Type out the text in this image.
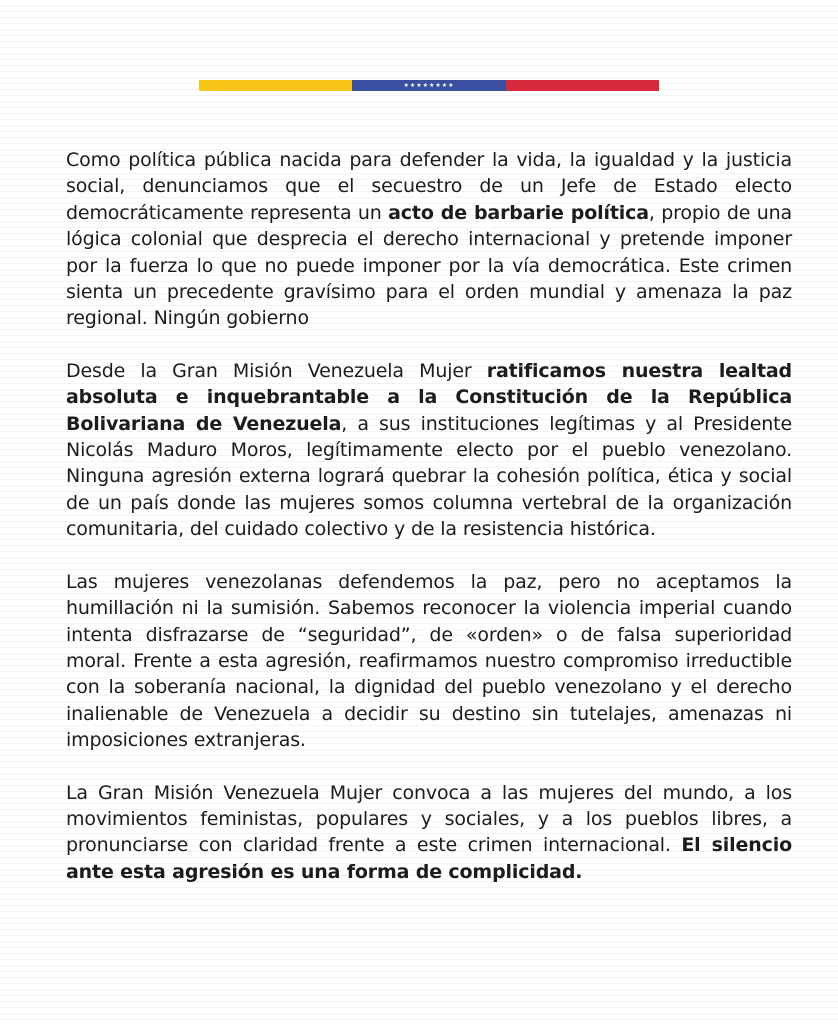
★★★★★★★★

Como política pública nacida para defender la vida, la igualdad y la justicia social, denunciamos que el secuestro de un Jefe de Estado electo democráticamente representa un acto de barbarie política, propio de una lógica colonial que desprecia el derecho internacional y pretende imponer por la fuerza lo que no puede imponer por la vía democrática. Este crimen sienta un precedente gravísimo para el orden mundial y amenaza la paz regional. Ningún gobierno

Desde la Gran Misión Venezuela Mujer ratificamos nuestra lealtad absoluta e inquebrantable a la Constitución de la República Bolivariana de Venezuela, a sus instituciones legítimas y al Presidente Nicolás Maduro Moros, legítimamente electo por el pueblo venezolano. Ninguna agresión externa logrará quebrar la cohesión política, ética y social de un país donde las mujeres somos columna vertebral de la organización comunitaria, del cuidado colectivo y de la resistencia histórica.

Las mujeres venezolanas defendemos la paz, pero no aceptamos la humillación ni la sumisión. Sabemos reconocer la violencia imperial cuando intenta disfrazarse de “seguridad”, de «orden» o de falsa superioridad moral. Frente a esta agresión, reafirmamos nuestro compromiso irreductible con la soberanía nacional, la dignidad del pueblo venezolano y el derecho inalienable de Venezuela a decidir su destino sin tutelajes, amenazas ni imposiciones extranjeras.

La Gran Misión Venezuela Mujer convoca a las mujeres del mundo, a los movimientos feministas, populares y sociales, y a los pueblos libres, a pronunciarse con claridad frente a este crimen internacional. El silencio ante esta agresión es una forma de complicidad.
